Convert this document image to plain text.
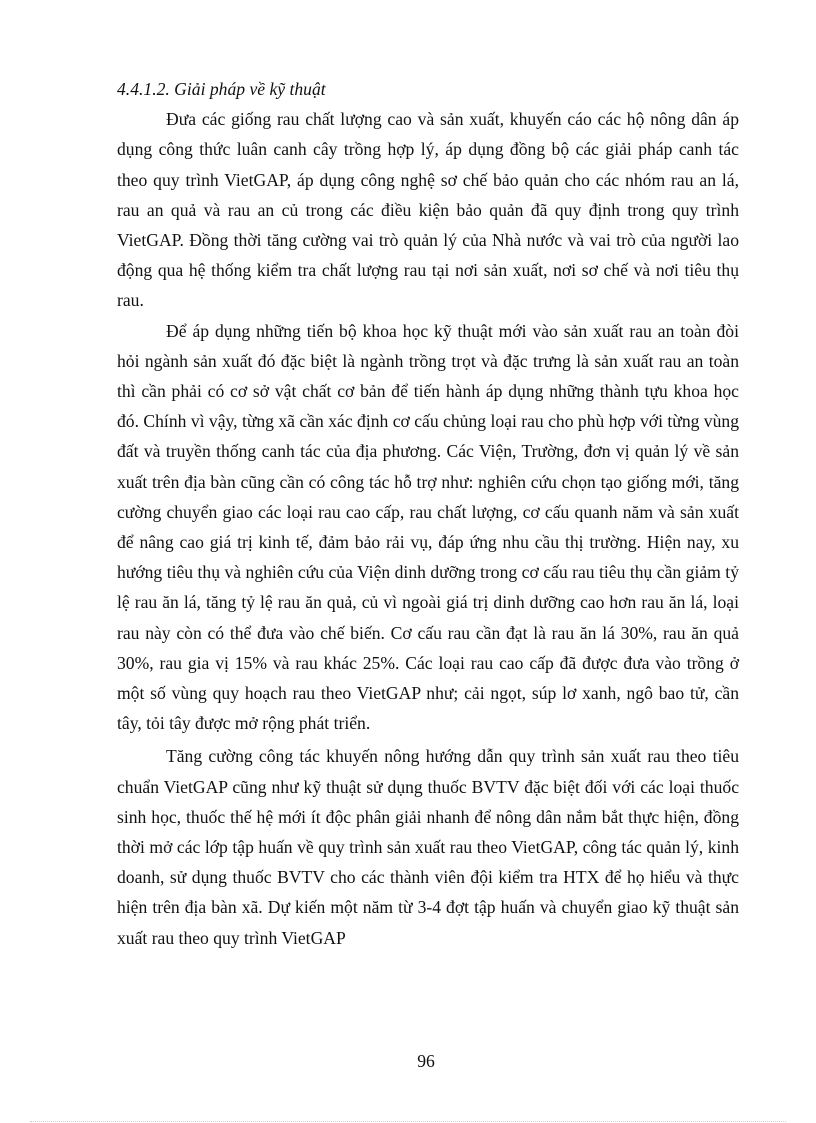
4.4.1.2. Giải pháp về kỹ thuật

Đưa các giống rau chất lượng cao và sản xuất, khuyến cáo các hộ nông dân áp dụng công thức luân canh cây trồng hợp lý, áp dụng đồng bộ các giải pháp canh tác theo quy trình VietGAP, áp dụng công nghệ sơ chế bảo quản cho các nhóm rau an lá, rau an quả và rau an củ trong các điều kiện bảo quản đã quy định trong quy trình VietGAP. Đồng thời tăng cường vai trò quản lý của Nhà nước và vai trò của người lao động qua hệ thống kiểm tra chất lượng rau tại nơi sản xuất, nơi sơ chế và nơi tiêu thụ rau.

Để áp dụng những tiến bộ khoa học kỹ thuật mới vào sản xuất rau an toàn đòi hỏi ngành sản xuất đó đặc biệt là ngành trồng trọt và đặc trưng là sản xuất rau an toàn thì cần phải có cơ sở vật chất cơ bản để tiến hành áp dụng những thành tựu khoa học đó. Chính vì vậy, từng xã cần xác định cơ cấu chủng loại rau cho phù hợp với từng vùng đất và truyền thống canh tác của địa phương. Các Viện, Trường, đơn vị quản lý về sản xuất trên địa bàn cũng cần có công tác hỗ trợ như: nghiên cứu chọn tạo giống mới, tăng cường chuyển giao các loại rau cao cấp, rau chất lượng, cơ cấu quanh năm và sản xuất để nâng cao giá trị kinh tế, đảm bảo rải vụ, đáp ứng nhu cầu thị trường. Hiện nay, xu hướng tiêu thụ và nghiên cứu của Viện dinh dưỡng trong cơ cấu rau tiêu thụ cần giảm tỷ lệ rau ăn lá, tăng tỷ lệ rau ăn quả, củ vì ngoài giá trị dinh dưỡng cao hơn rau ăn lá, loại rau này còn có thể đưa vào chế biến. Cơ cấu rau cần đạt là rau ăn lá 30%, rau ăn quả 30%, rau gia vị 15% và rau khác 25%. Các loại rau cao cấp đã được đưa vào trồng ở một số vùng quy hoạch rau theo VietGAP như; cải ngọt, súp lơ xanh, ngô bao tử, cần tây, tỏi tây được mở rộng phát triển.

Tăng cường công tác khuyến nông hướng dẫn quy trình sản xuất rau theo tiêu chuẩn VietGAP cũng như kỹ thuật sử dụng thuốc BVTV đặc biệt đối với các loại thuốc sinh học, thuốc thế hệ mới ít độc phân giải nhanh để nông dân nắm bắt thực hiện, đồng thời mở các lớp tập huấn về quy trình sản xuất rau theo VietGAP, công tác quản lý, kinh doanh, sử dụng thuốc BVTV cho các thành viên đội kiểm tra HTX để họ hiểu và thực hiện trên địa bàn xã. Dự kiến một năm từ 3-4 đợt tập huấn và chuyển giao kỹ thuật sản xuất rau theo quy trình VietGAP

96
